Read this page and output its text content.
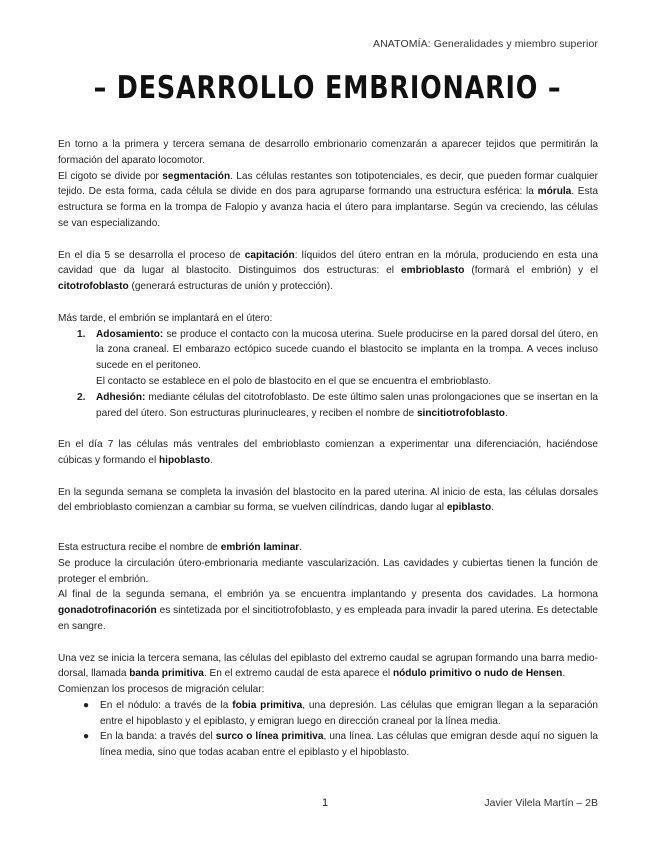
ANATOMÍA: Generalidades y miembro superior
– DESARROLLO EMBRIONARIO –

En torno a la primera y tercera semana de desarrollo embrionario comenzarán a aparecer tejidos que permitirán la formación del aparato locomotor.

El cigoto se divide por segmentación. Las células restantes son totipotenciales, es decir, que pueden formar cualquier tejido. De esta forma, cada célula se divide en dos para agruparse formando una estructura esférica: la mórula. Esta estructura se forma en la trompa de Falopio y avanza hacia el útero para implantarse. Según va creciendo, las células se van especializando.

En el día 5 se desarrolla el proceso de capitación: líquidos del útero entran en la mórula, produciendo en esta una cavidad que da lugar al blastocito. Distinguimos dos estructuras: el embrioblasto (formará el embrión) y el citotrofoblasto (generará estructuras de unión y protección).

Más tarde, el embrión se implantará en el útero:

1. Adosamiento: se produce el contacto con la mucosa uterina. Suele producirse en la pared dorsal del útero, en la zona craneal. El embarazo ectópico sucede cuando el blastocito se implanta en la trompa. A veces incluso sucede en el peritoneo.
El contacto se establece en el polo de blastocito en el que se encuentra el embrioblasto.
2. Adhesión: mediante células del citotrofoblasto. De este último salen unas prolongaciones que se insertan en la pared del útero. Son estructuras plurinucleares, y reciben el nombre de sincitiotrofoblasto.

En el día 7 las células más ventrales del embrioblasto comienzan a experimentar una diferenciación, haciéndose cúbicas y formando el hipoblasto.

En la segunda semana se completa la invasión del blastocito en la pared uterina. Al inicio de esta, las células dorsales del embrioblasto comienzan a cambiar su forma, se vuelven cilíndricas, dando lugar al epiblasto.

Esta estructura recibe el nombre de embrión laminar.

Se produce la circulación útero-embrionaria mediante vascularización. Las cavidades y cubiertas tienen la función de proteger el embrión.

Al final de la segunda semana, el embrión ya se encuentra implantando y presenta dos cavidades. La hormona gonadotrofinacorión es sintetizada por el sincitiotrofoblasto, y es empleada para invadir la pared uterina. Es detectable en sangre.

Una vez se inicia la tercera semana, las células del epiblasto del extremo caudal se agrupan formando una barra medio-dorsal, llamada banda primitiva. En el extremo caudal de esta aparece el nódulo primitivo o nudo de Hensen.

Comienzan los procesos de migración celular:

● En el nódulo: a través de la fobia primitiva, una depresión. Las células que emigran llegan a la separación entre el hipoblasto y el epiblasto, y emigran luego en dirección craneal por la línea media.
● En la banda: a través del surco o línea primitiva, una línea. Las células que emigran desde aquí no siguen la línea media, sino que todas acaban entre el epiblasto y el hipoblasto.
1	Javier Vilela Martín – 2B
